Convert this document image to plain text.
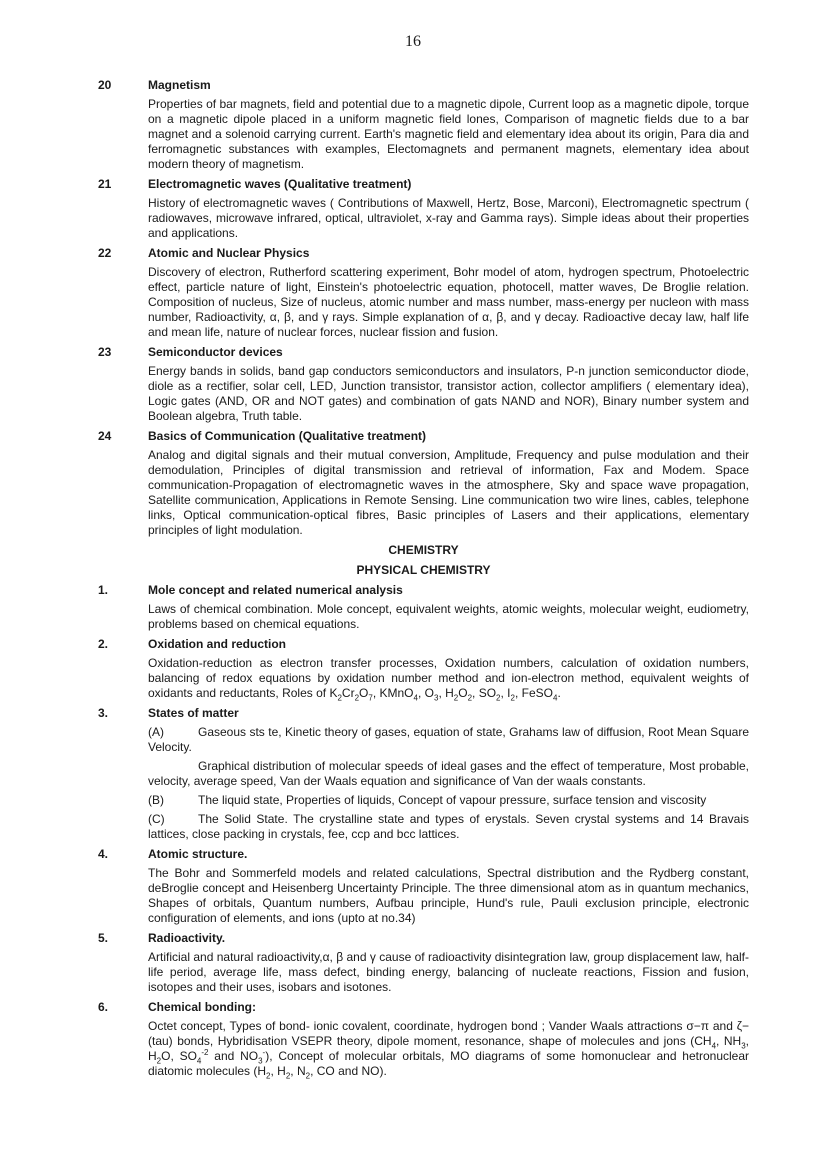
16
20	Magnetism
Properties of bar magnets, field and potential due to a magnetic dipole, Current loop as a magnetic dipole, torque on a magnetic dipole placed in a uniform magnetic field lones, Comparison of magnetic fields due to a bar magnet and a solenoid carrying current. Earth's magnetic field and elementary idea about its origin, Para dia and ferromagnetic substances with examples, Electomagnets and permanent magnets, elementary idea about modern theory of magnetism.
21	Electromagnetic waves (Qualitative treatment)
History of electromagnetic waves ( Contributions of Maxwell, Hertz, Bose, Marconi), Electromagnetic spectrum ( radiowaves, microwave infrared, optical, ultraviolet, x-ray and Gamma rays). Simple ideas about their properties and applications.
22	Atomic and Nuclear Physics
Discovery of electron, Rutherford scattering experiment, Bohr model of atom, hydrogen spectrum, Photoelectric effect, particle nature of light, Einstein's photoelectric equation, photocell, matter waves, De Broglie relation. Composition of nucleus, Size of nucleus, atomic number and mass number, mass-energy per nucleon with mass number, Radioactivity, α, β, and γ rays. Simple explanation of α, β, and γ decay. Radioactive decay law, half life and mean life, nature of nuclear forces, nuclear fission and fusion.
23	Semiconductor devices
Energy bands in solids, band gap conductors semiconductors and insulators, P-n junction semiconductor diode, diole as a rectifier, solar cell, LED, Junction transistor, transistor action, collector amplifiers ( elementary idea), Logic gates (AND, OR and NOT gates) and combination of gats NAND and NOR), Binary number system and Boolean algebra, Truth table.
24	Basics of Communication (Qualitative treatment)
Analog and digital signals and their mutual conversion, Amplitude, Frequency and pulse modulation and their demodulation, Principles of digital transmission and retrieval of information, Fax and Modem. Space communication-Propagation of electromagnetic waves in the atmosphere, Sky and space wave propagation, Satellite communication, Applications in Remote Sensing. Line communication two wire lines, cables, telephone links, Optical communication-optical fibres, Basic principles of Lasers and their applications, elementary principles of light modulation.
CHEMISTRY
PHYSICAL CHEMISTRY
1.	Mole concept and related numerical analysis
Laws of chemical combination. Mole concept, equivalent weights, atomic weights, molecular weight, eudiometry, problems based on chemical equations.
2.	Oxidation and reduction
Oxidation-reduction as electron transfer processes, Oxidation numbers, calculation of oxidation numbers, balancing of redox equations by oxidation number method and ion-electron method, equivalent weights of oxidants and reductants, Roles of $K_2Cr_2O_7$, KMnO$_4$, $O_3$, $H_2O_2$, $SO_2$, $I_2$, FeSO$_4$.
3.	States of matter
(A)	Gaseous sts te, Kinetic theory of gases, equation of state, Grahams law of diffusion, Root Mean Square Velocity.
Graphical distribution of molecular speeds of ideal gases and the effect of temperature, Most probable, velocity, average speed, Van der Waals equation and significance of Van der waals constants.
(B)	The liquid state, Properties of liquids, Concept of vapour pressure, surface tension and viscosity
(C)	The Solid State. The crystalline state and types of erystals. Seven crystal systems and 14 Bravais lattices, close packing in crystals, fee, ccp and bcc lattices.
4.	Atomic structure.
The Bohr and Sommerfeld models and related calculations, Spectral distribution and the Rydberg constant, deBroglie concept and Heisenberg Uncertainty Principle. The three dimensional atom as in quantum mechanics, Shapes of orbitals, Quantum numbers, Aufbau principle, Hund's rule, Pauli exclusion principle, electronic configuration of elements, and ions (upto at no.34)
5.	Radioactivity.
Artificial and natural radioactivity,α, β and γ cause of radioactivity disintegration law, group displacement law, half-life period, average life, mass defect, binding energy, balancing of nucleate reactions, Fission and fusion, isotopes and their uses, isobars and isotones.
6.	Chemical bonding:
Octet concept, Types of bond- ionic covalent, coordinate, hydrogen bond ; Vander Waals attractions σ−π and ζ− (tau) bonds, Hybridisation VSEPR theory, dipole moment, resonance, shape of molecules and jons ($CH_4$, $NH_3$, $H_2O$, $SO_4^{-2}$ and $NO_3^-$), Concept of molecular orbitals, MO diagrams of some homonuclear and hetronuclear diatomic molecules ($H_2$, $H_2$, $N_2$, CO and NO).
